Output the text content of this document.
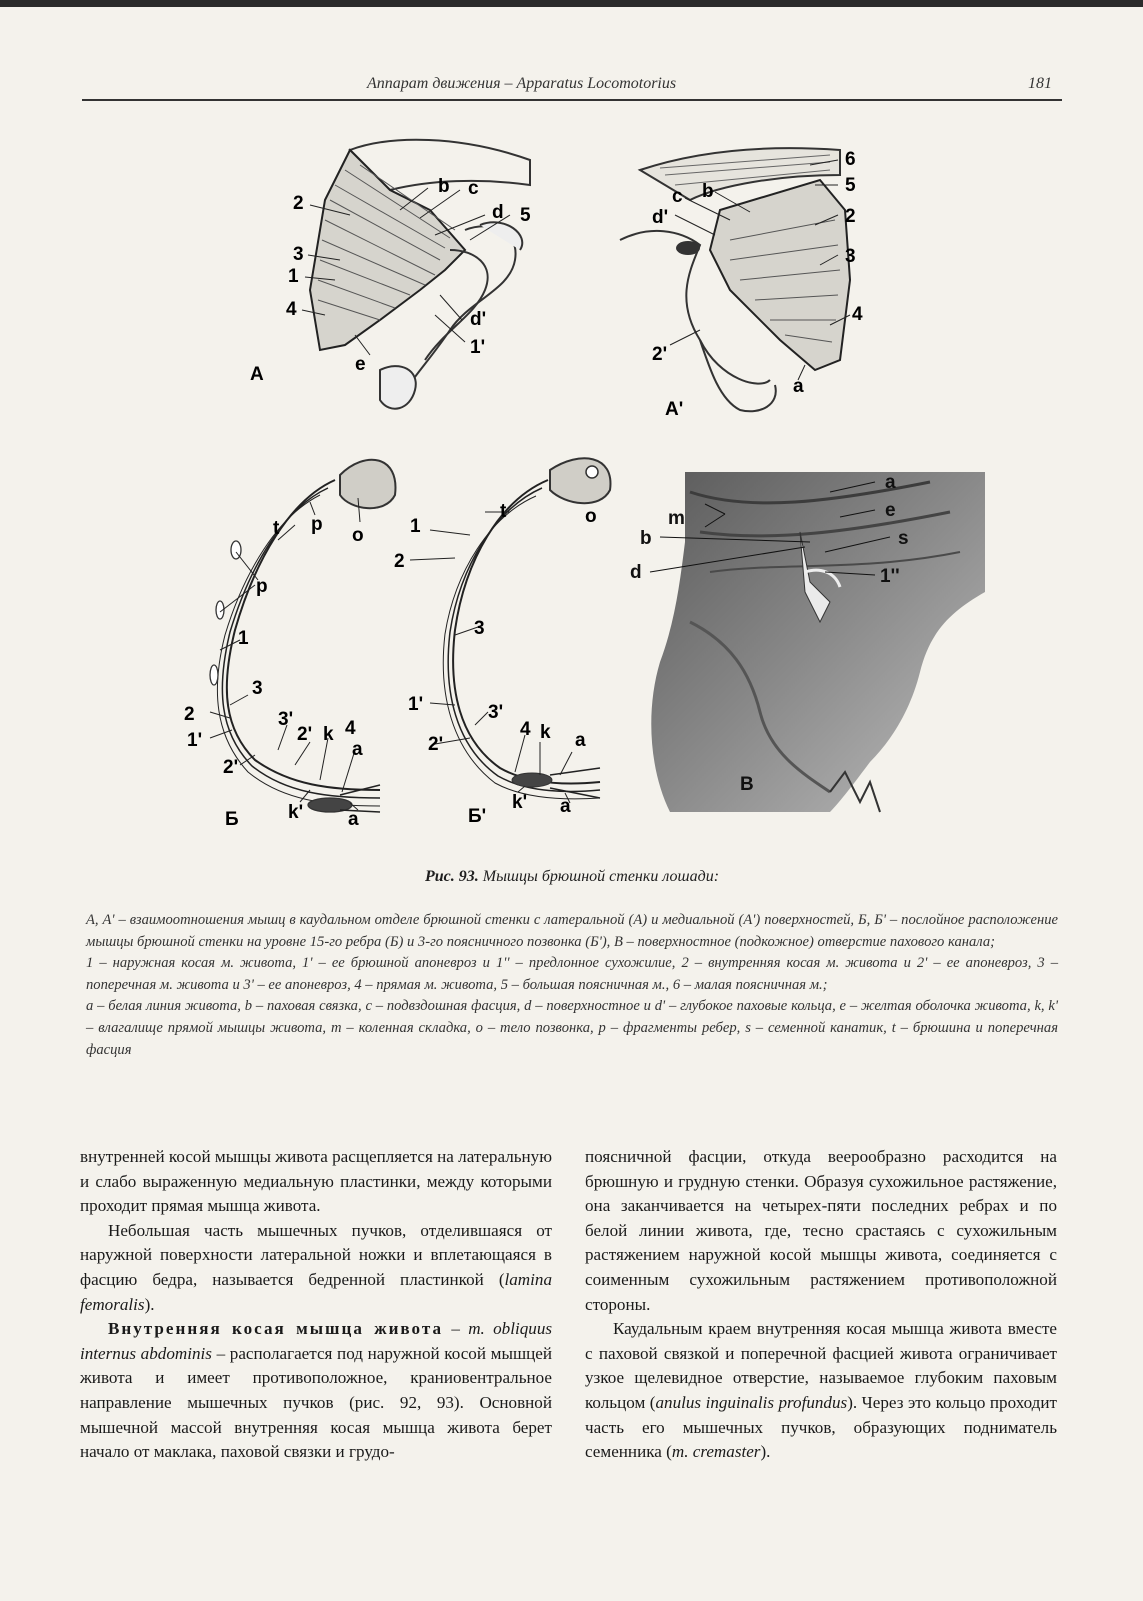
Аппарат движения – Apparatus Locomotorius	181
b c
d 5
2
3
1
4
e
d'
1'
А
6
5
c b
d'	2
3
4
2'
a
А'
t p
o
p
1
3
2
1'
2'
3'
2' k 4
a
k' a
Б
1
t
2
3
1'	3'
2'
4 k a
k' a
o
Б'
a
e
m
b	s
d	1''
В
Рис. 93. Мышцы брюшной стенки лошади:

А, А' – взаимоотношения мышц в каудальном отделе брюшной стенки с латеральной (А) и медиальной (А') поверхностей, Б, Б' – послойное расположение мышцы брюшной стенки на уровне 15-го ребра (Б) и 3-го поясничного позвонка (Б'), В – поверхностное (подкожное) отверстие пахового канала;

1 – наружная косая м. живота, 1' – ее брюшной апоневроз и 1'' – предлонное сухожилие, 2 – внутренняя косая м. живота и 2' – ее апоневроз, 3 – поперечная м. живота и 3' – ее апоневроз, 4 – прямая м. живота, 5 – большая поясничная м., 6 – малая поясничная м.;

а – белая линия живота, b – паховая связка, с – подвздошная фасция, d – поверхностное и d' – глубокое паховые кольца, е – желтая оболочка живота, k, k' – влагалище прямой мышцы живота, m – коленная складка, о – тело позвонка, р – фрагменты ребер, s – семенной канатик, t – брюшина и поперечная фасция

внутренней косой мышцы живота расщепляется на латеральную и слабо выраженную медиальную пластинки, между которыми проходит прямая мышца живота.

Небольшая часть мышечных пучков, отделившаяся от наружной поверхности латеральной ножки и вплетающаяся в фасцию бедра, называется бедренной пластинкой (lamina femoralis).

Внутренняя косая мышца живота – m. obliquus internus abdominis – располагается под наружной косой мышцей живота и имеет противоположное, краниовентральное направление мышечных пучков (рис. 92, 93). Основной мышечной массой внутренняя косая мышца живота берет начало от маклака, паховой связки и грудо-

поясничной фасции, откуда веерообразно расходится на брюшную и грудную стенки. Образуя сухожильное растяжение, она заканчивается на четырех-пяти последних ребрах и по белой линии живота, где, тесно срастаясь с сухожильным растяжением наружной косой мышцы живота, соединяется с соименным сухожильным растяжением противоположной стороны.

Каудальным краем внутренняя косая мышца живота вместе с паховой связкой и поперечной фасцией живота ограничивает узкое щелевидное отверстие, называемое глубоким паховым кольцом (anulus inguinalis profundus). Через это кольцо проходит часть его мышечных пучков, образующих подниматель семенника (m. cremaster).
